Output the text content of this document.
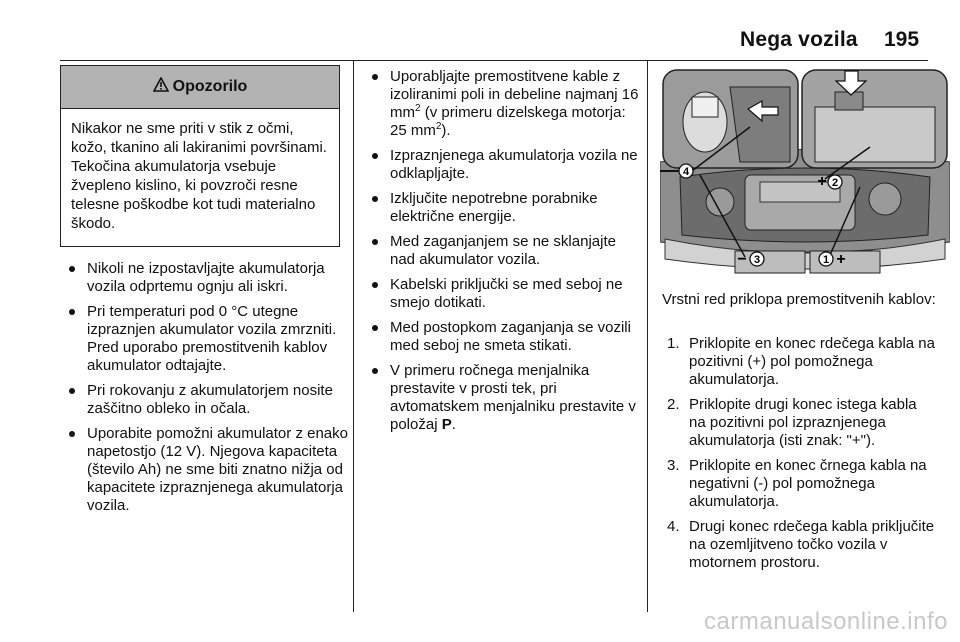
Nega vozila 195
Opozorilo
Nikakor ne sme priti v stik z očmi, kožo, tkanino ali lakiranimi površinami. Tekočina akumulatorja vsebuje žvepleno kislino, ki povzroči resne telesne poškodbe kot tudi materialno škodo.
Nikoli ne izpostavljajte akumulatorja vozila odprtemu ognju ali iskri.
Pri temperaturi pod 0 °C utegne izpraznjen akumulator vozila zmrzniti. Pred uporabo premostitvenih kablov akumulator odtajajte.
Pri rokovanju z akumulatorjem nosite zaščitno obleko in očala.
Uporabite pomožni akumulator z enako napetostjo (12 V). Njegova kapaciteta (število Ah) ne sme biti znatno nižja od kapacitete izpraznjenega akumulatorja vozila.
Uporabljajte premostitvene kable z izoliranimi poli in debeline najmanj 16 $mm^2$ (v primeru dizelskega motorja: 25 $mm^2$).
Izpraznjenega akumulatorja vozila ne odklapljajte.
Izključite nepotrebne porabnike električne energije.
Med zaganjanjem se ne sklanjajte nad akumulator vozila.
Kabelski priključki se med seboj ne smejo dotikati.
Med postopkom zaganjanja se vozili med seboj ne smeta stikati.
V primeru ročnega menjalnika prestavite v prosti tek, pri avtomatskem menjalniku prestavite v položaj P.
4
2
3	1
+
−	+
Vrstni red priklopa premostitvenih kablov:
1. Priklopite en konec rdečega kabla na pozitivni (+) pol pomožnega akumulatorja.
2. Priklopite drugi konec istega kabla na pozitivni pol izpraznjenega akumulatorja (isti znak: "+").
3. Priklopite en konec črnega kabla na negativni (-) pol pomožnega akumulatorja.
4. Drugi konec rdečega kabla priključite na ozemljitveno točko vozila v motornem prostoru.
carmanualsonline.info
